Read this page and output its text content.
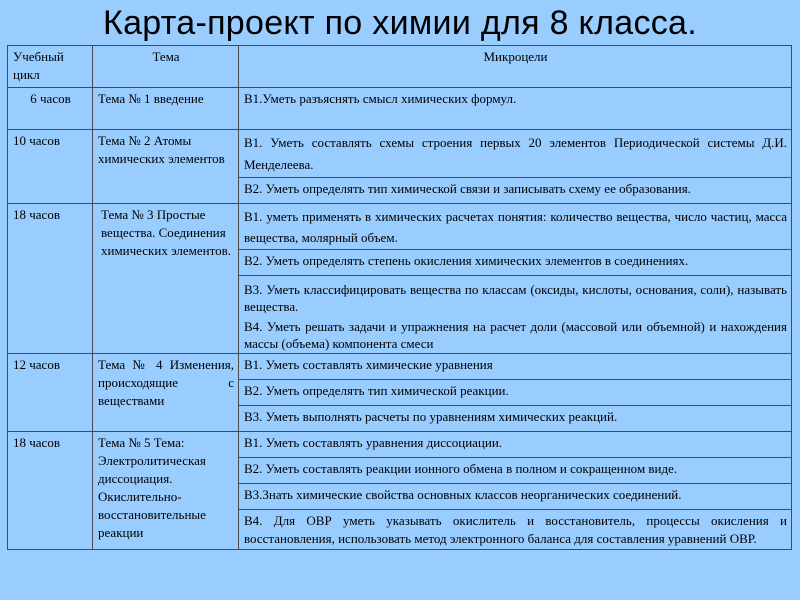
Карта-проект по химии для 8 класса.
Учебный цикл	Тема	Микроцели
6 часов	Тема № 1 введение	В1.Уметь разъяснять смысл химических формул.
10 часов	Тема № 2 Атомы химических элементов	В1. Уметь составлять схемы строения первых 20 элементов Периодической системы Д.И. Менделеева.
		В2. Уметь определять тип химической связи и записывать схему ее образования.
18 часов	Тема № 3 Простые вещества. Соединения химических элементов.	В1. уметь применять в химических расчетах понятия: количество вещества, число частиц, масса вещества, молярный объем.
		В2. Уметь определять степень окисления химических элементов в соединениях.
		В3. Уметь классифицировать вещества по классам (оксиды, кислоты, основания, соли), называть вещества.
		В4. Уметь решать задачи и упражнения на расчет доли (массовой или объемной) и нахождения массы (объема) компонента смеси
12 часов	Тема № 4 Изменения, происходящие с веществами	В1. Уметь составлять химические уравнения
		В2. Уметь определять тип химической реакции.
		В3. Уметь выполнять расчеты по уравнениям химических реакций.
18 часов	Тема № 5 Тема: Электролитическая диссоциация. Окислительно-восстановительные реакции	В1. Уметь составлять уравнения диссоциации.
		В2. Уметь составлять реакции ионного обмена в полном и сокращенном виде.
		В3.Знать химические свойства основных классов неорганических соединений.
		В4. Для ОВР уметь указывать окислитель и восстановитель, процессы окисления и восстановления, использовать метод электронного баланса для составления уравнений ОВР.
